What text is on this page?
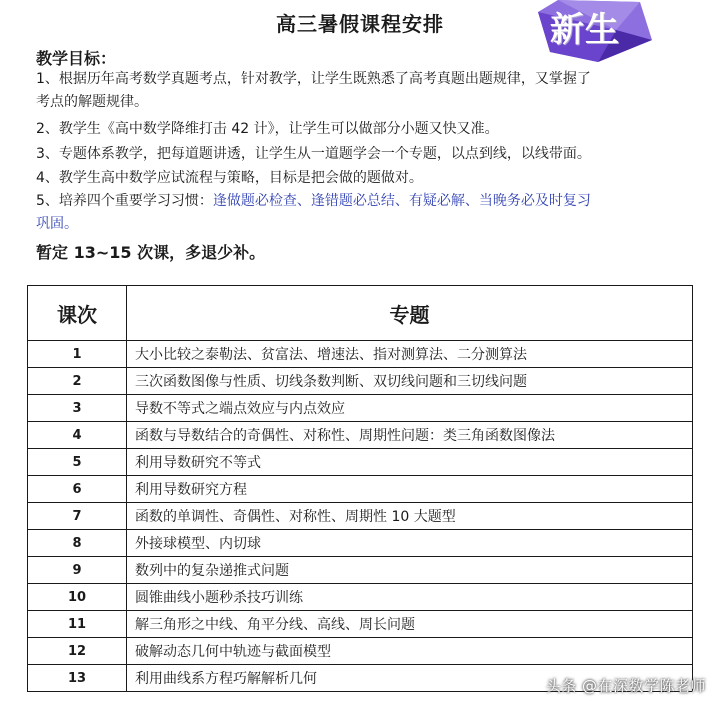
高三暑假课程安排	新生
教学目标：
1、根据历年高考数学真题考点，针对教学，让学生既熟悉了高考真题出题规律，又掌握了
考点的解题规律。
2、教学生《高中数学降维打击 42 计》，让学生可以做部分小题又快又准。
3、专题体系教学，把每道题讲透，让学生从一道题学会一个专题，以点到线，以线带面。
4、教学生高中数学应试流程与策略，目标是把会做的题做对。
5、培养四个重要学习习惯：逢做题必检查、逢错题必总结、有疑必解、当晚务必及时复习
巩固。
暂定 13~15 次课，多退少补。
课次	专题
1	大小比较之泰勒法、贫富法、增速法、指对测算法、二分测算法
2	三次函数图像与性质、切线条数判断、双切线问题和三切线问题
3	导数不等式之端点效应与内点效应
4	函数与导数结合的奇偶性、对称性、周期性问题：类三角函数图像法
5	利用导数研究不等式
6	利用导数研究方程
7	函数的单调性、奇偶性、对称性、周期性 10 大题型
8	外接球模型、内切球
9	数列中的复杂递推式问题
10	圆锥曲线小题秒杀技巧训练
11	解三角形之中线、角平分线、高线、周长问题
12	破解动态几何中轨迹与截面模型
13	利用曲线系方程巧解解析几何	头条 @在深数学陈老师
